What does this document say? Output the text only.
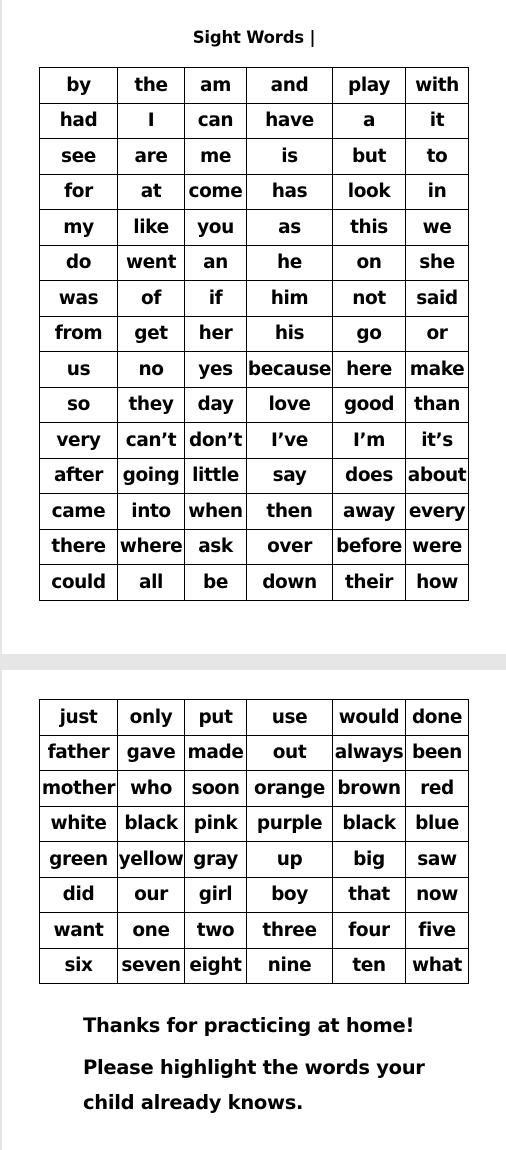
Sight Words |
by	the	am	and	play	with
had	I	can	have	a	it
see	are	me	is	but	to
for	at	come	has	look	in
my	like	you	as	this	we
do	went	an	he	on	she
was	of	if	him	not	said
from	get	her	his	go	or
us	no	yes	because	here	make
so	they	day	love	good	than
very	can’t	don’t	I’ve	I’m	it’s
after	going	little	say	does	about
came	into	when	then	away	every
there	where	ask	over	before	were
could	all	be	down	their	how
just	only	put	use	would	done
father	gave	made	out	always	been
mother	who	soon	orange	brown	red
white	black	pink	purple	black	blue
green	yellow	gray	up	big	saw
did	our	girl	boy	that	now
want	one	two	three	four	five
six	seven	eight	nine	ten	what
Thanks for practicing at home!
Please highlight the words your child already knows.
